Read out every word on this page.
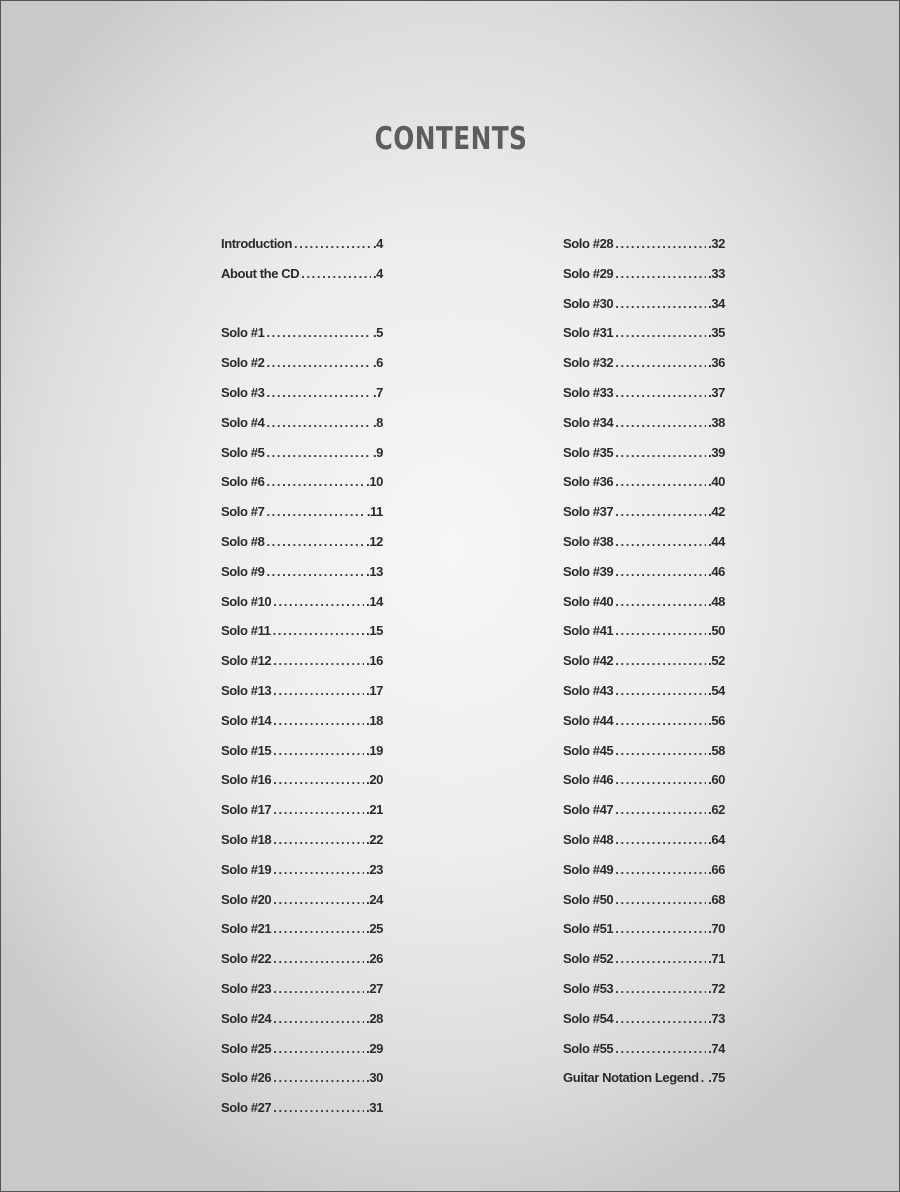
CONTENTS
Introduction .....	.4
About the CD .....	.4
Solo #1 .....	.5
Solo #2 .....	.6
Solo #3 .....	.7
Solo #4 .....	.8
Solo #5 .....	.9
Solo #6 .....	.10
Solo #7 .....	.11
Solo #8 .....	.12
Solo #9 .....	.13
Solo #10 .....	.14
Solo #11 .....	.15
Solo #12 .....	.16
Solo #13 .....	.17
Solo #14 .....	.18
Solo #15 .....	.19
Solo #16 .....	.20
Solo #17 .....	.21
Solo #18 .....	.22
Solo #19 .....	.23
Solo #20 .....	.24
Solo #21 .....	.25
Solo #22 .....	.26
Solo #23 .....	.27
Solo #24 .....	.28
Solo #25 .....	.29
Solo #26 .....	.30
Solo #27 .....	.31
Solo #28 .....	.32
Solo #29 .....	.33
Solo #30 .....	.34
Solo #31 .....	.35
Solo #32 .....	.36
Solo #33 .....	.37
Solo #34 .....	.38
Solo #35 .....	.39
Solo #36 .....	.40
Solo #37 .....	.42
Solo #38 .....	.44
Solo #39 .....	.46
Solo #40 .....	.48
Solo #41 .....	.50
Solo #42 .....	.52
Solo #43 .....	.54
Solo #44 .....	.56
Solo #45 .....	.58
Solo #46 .....	.60
Solo #47 .....	.62
Solo #48 .....	.64
Solo #49 .....	.66
Solo #50 .....	.68
Solo #51 .....	.70
Solo #52 .....	.71
Solo #53 .....	.72
Solo #54 .....	.73
Solo #55 .....	.74
Guitar Notation Legend ..... .75
